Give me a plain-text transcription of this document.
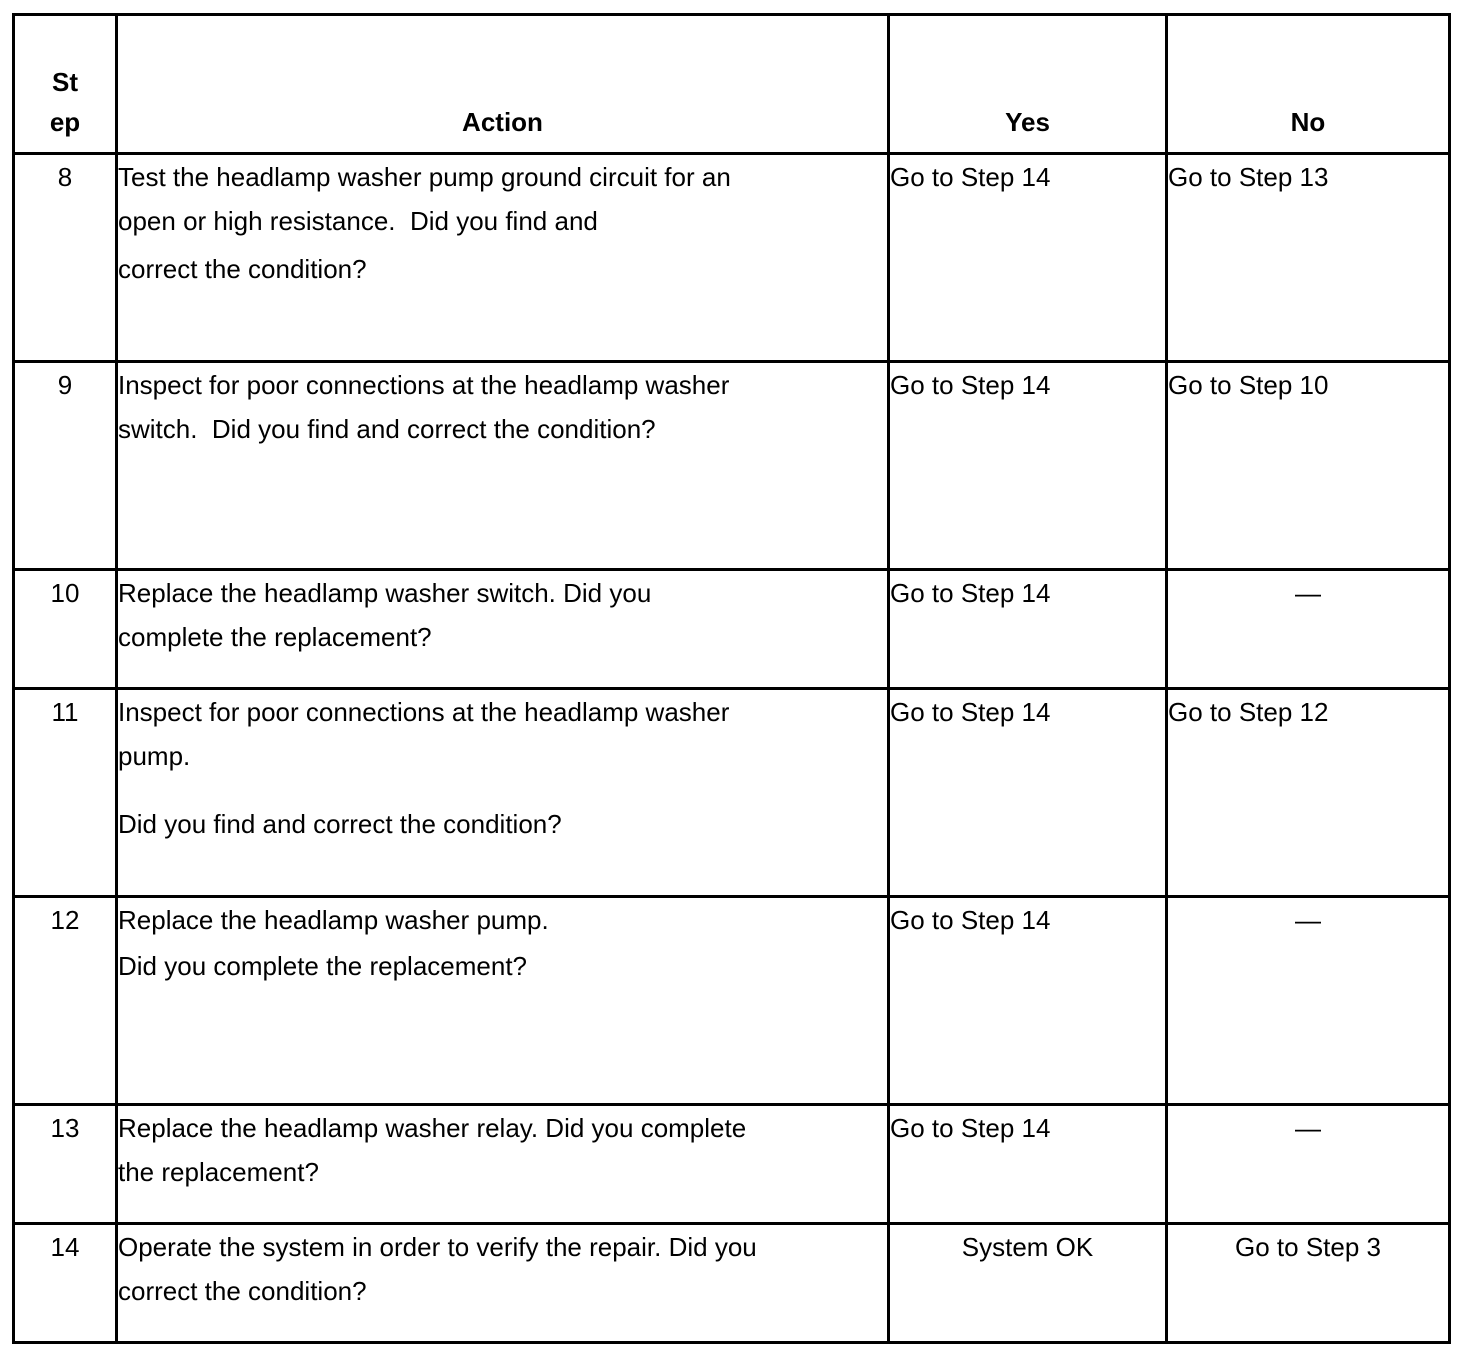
St
ep	Action	Yes	No
8	Test the headlamp washer pump ground circuit for an
open or high resistance.  Did you find and
correct the condition?	Go to Step 14	Go to Step 13
9	Inspect for poor connections at the headlamp washer
switch.  Did you find and correct the condition?	Go to Step 14	Go to Step 10
10	Replace the headlamp washer switch. Did you
complete the replacement?	Go to Step 14	—
11	Inspect for poor connections at the headlamp washer
pump.
Did you find and correct the condition?	Go to Step 14	Go to Step 12
12	Replace the headlamp washer pump.
Did you complete the replacement?	Go to Step 14	—
13	Replace the headlamp washer relay. Did you complete
the replacement?	Go to Step 14	—
14	Operate the system in order to verify the repair. Did you
correct the condition?	System OK	Go to Step 3
